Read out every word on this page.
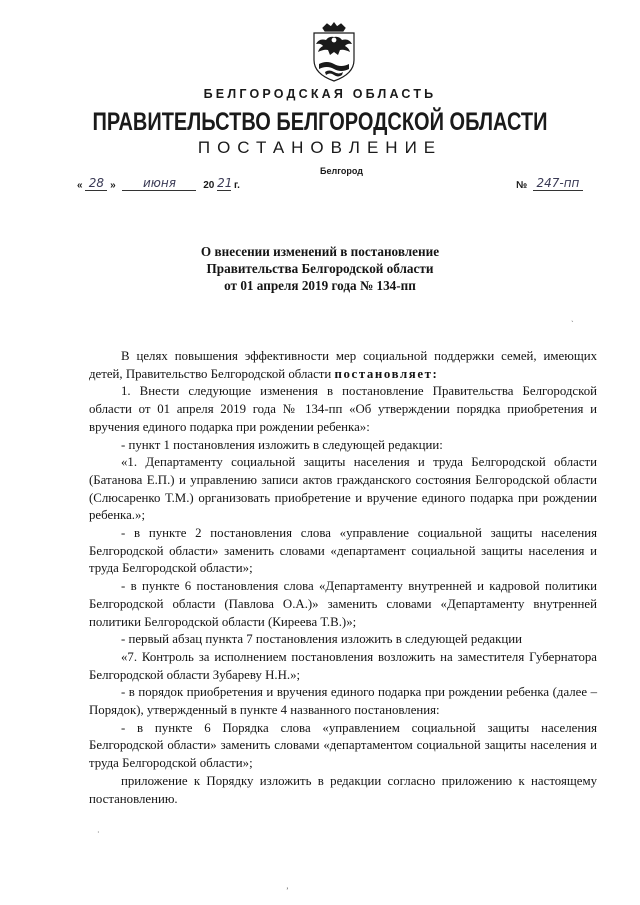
БЕЛГОРОДСКАЯ ОБЛАСТЬ
ПРАВИТЕЛЬСТВО БЕЛГОРОДСКОЙ ОБЛАСТИ
ПОСТАНОВЛЕНИЕ
Белгород
« 28 » июня	20 21 г.	№ 247-пп
О внесении изменений в постановление
Правительства Белгородской области
от 01 апреля 2019 года № 134-пп
ˎ

В целях повышения эффективности мер социальной поддержки семей, имеющих детей, Правительство Белгородской области постановляет:

1. Внести следующие изменения в постановление Правительства Белгородской области от 01 апреля 2019 года № 134-пп «Об утверждении порядка приобретения и вручения единого подарка при рождении ребенка»:

- пункт 1 постановления изложить в следующей редакции:

«1. Департаменту социальной защиты населения и труда Белгородской области (Батанова Е.П.) и управлению записи актов гражданского состояния Белгородской области (Слюсаренко Т.М.) организовать приобретение и вручение единого подарка при рождении ребенка.»;

- в пункте 2 постановления слова «управление социальной защиты населения Белгородской области» заменить словами «департамент социальной защиты населения и труда Белгородской области»;

- в пункте 6 постановления слова «Департаменту внутренней и кадровой политики Белгородской области (Павлова О.А.)» заменить словами «Департаменту внутренней политики Белгородской области (Киреева Т.В.)»;

- первый абзац пункта 7 постановления изложить в следующей редакции

«7. Контроль за исполнением постановления возложить на заместителя Губернатора Белгородской области Зубареву Н.Н.»;

- в порядок приобретения и вручения единого подарка при рождении ребенка (далее – Порядок), утвержденный в пункте 4 названного постановления:

- в пункте 6 Порядка слова «управлением социальной защиты населения Белгородской области» заменить словами «департаментом социальной защиты населения и труда Белгородской области»;

приложение к Порядку изложить в редакции согласно приложению к настоящему постановлению.

·
ʼ
